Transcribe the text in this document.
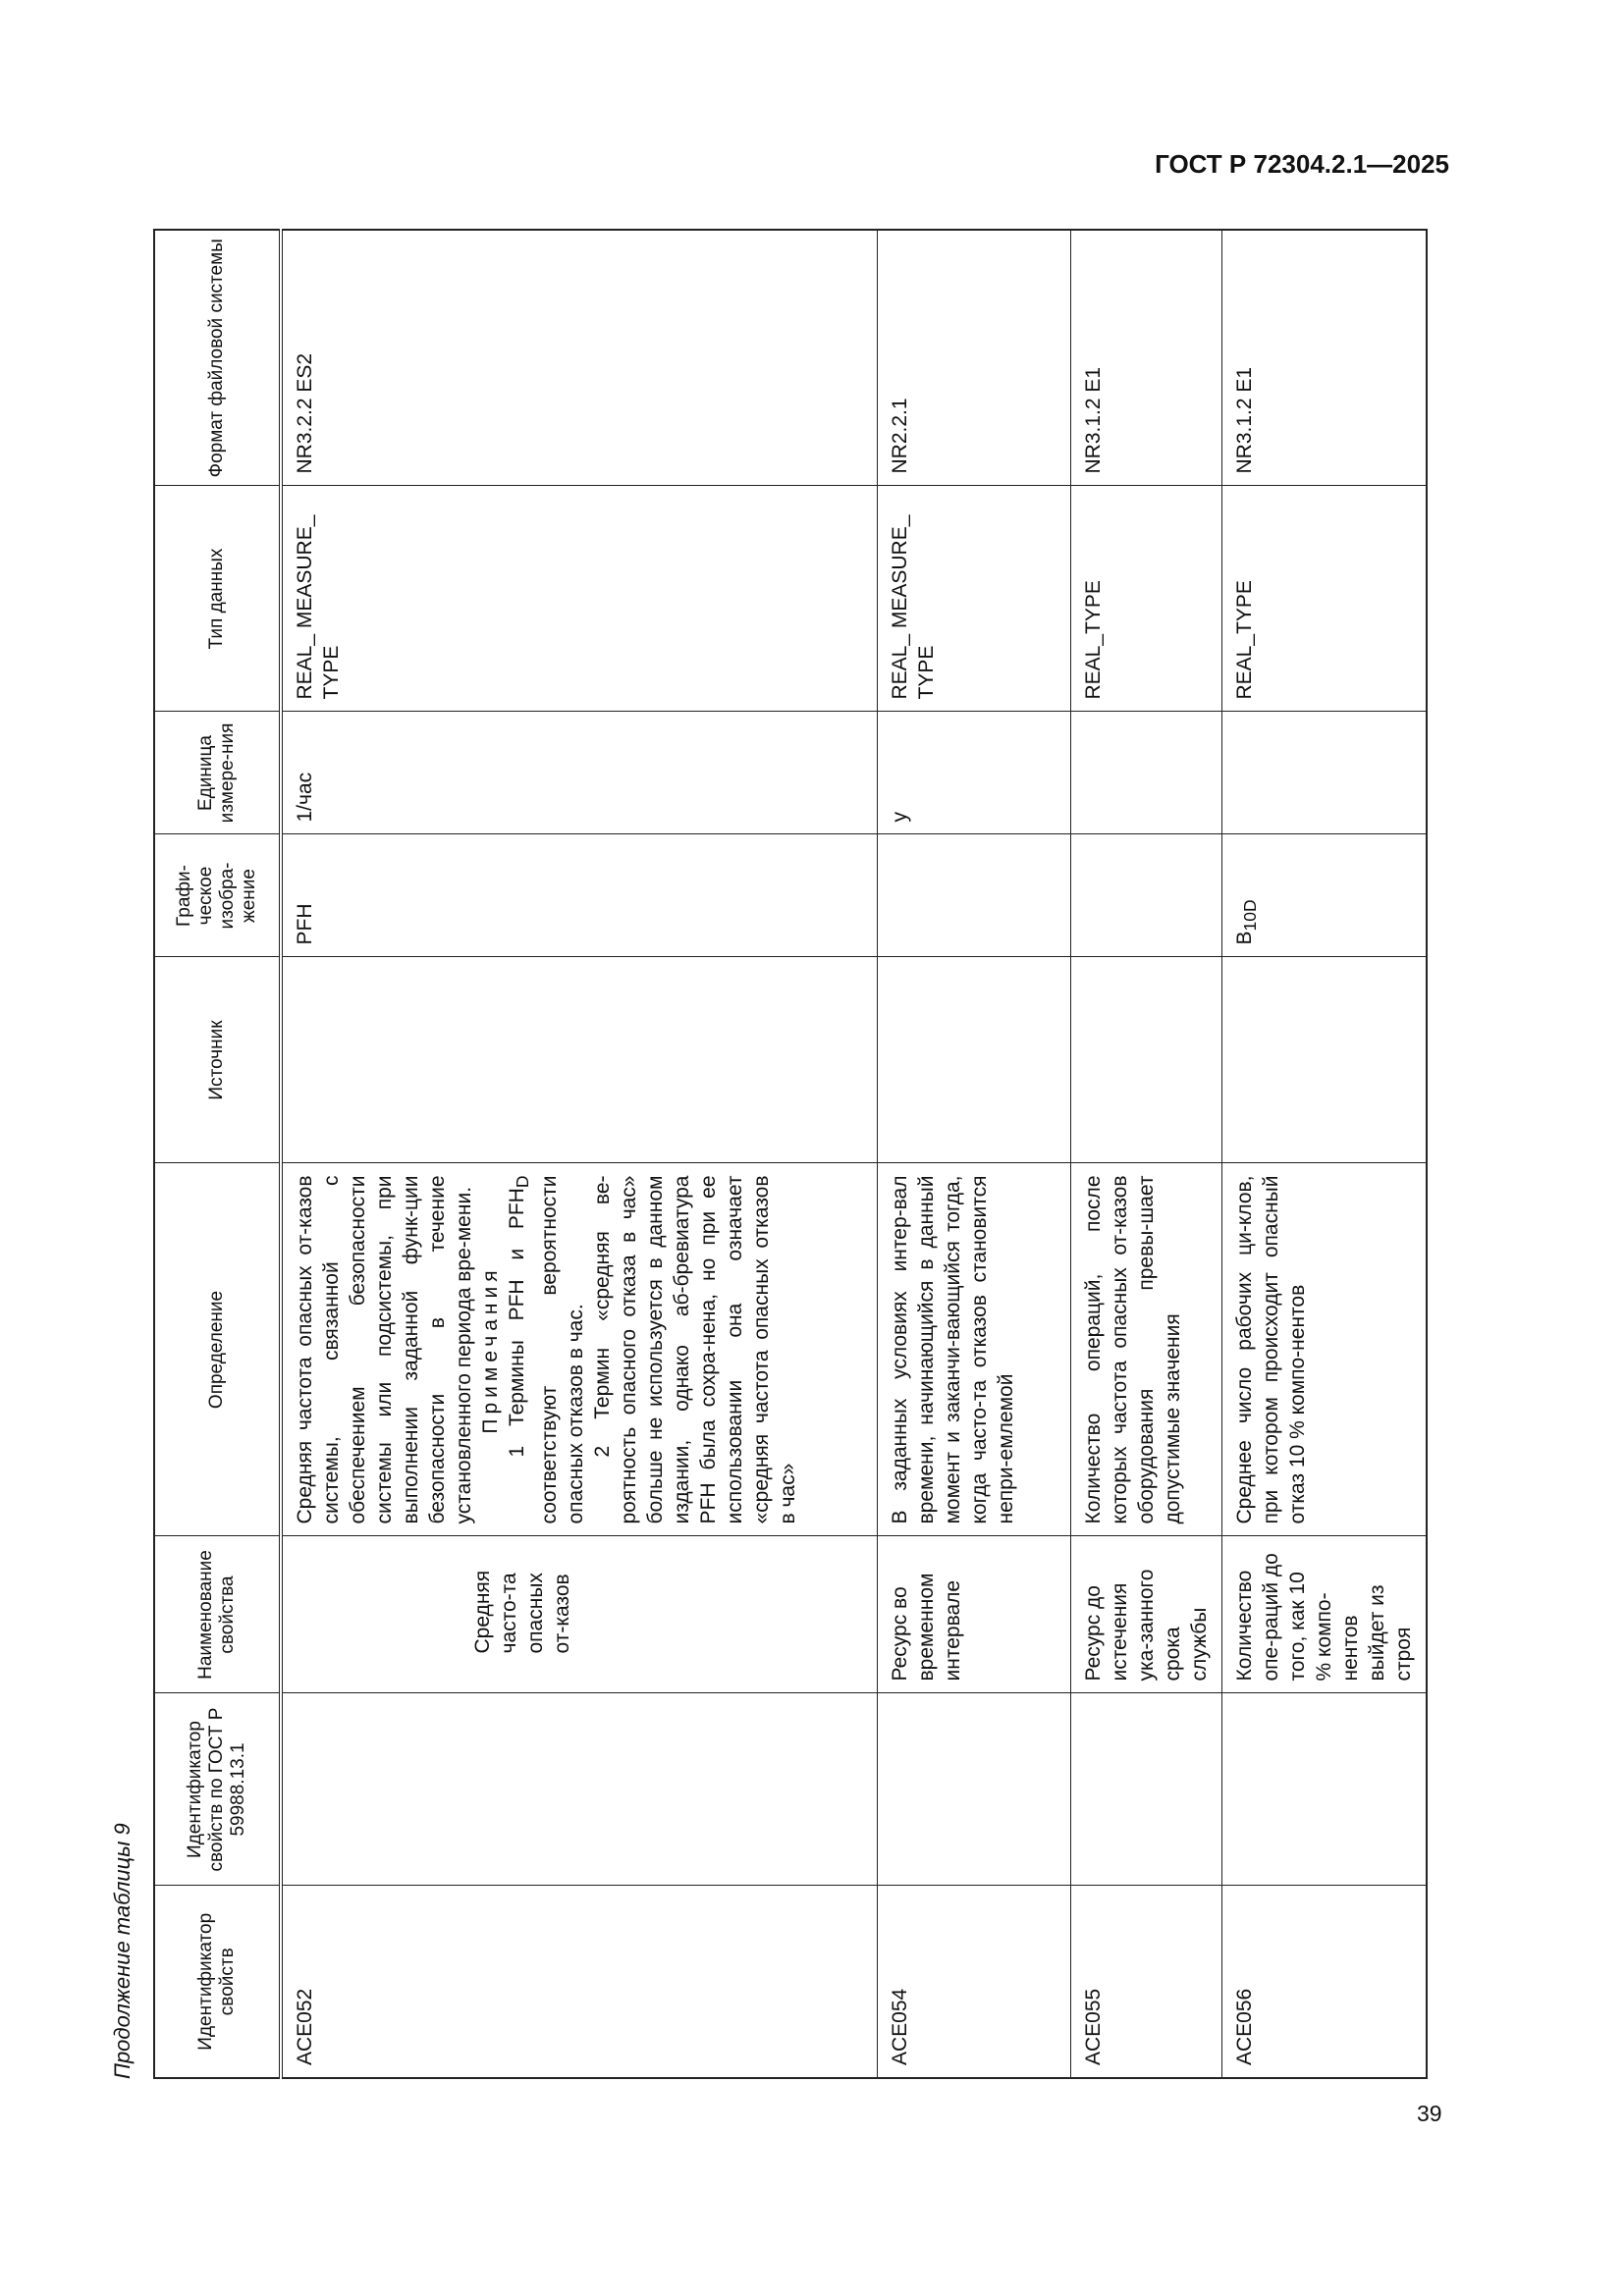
ГОСТ Р 72304.2.1—2025
Продолжение таблицы 9	Идентификатор свойств	Идентификатор свойств по ГОСТ Р 59988.13.1	Наименование свойства	Определение	Источник	Графи-ческое изобра-жение	Единица измере-ния	Тип данных	Формат файловой системы
ACE052		Средняя часто-та опасных от-казов	Средняя частота опасных от-казов системы, связанной с обеспечением безопасности системы или подсистемы, при выполнении заданной функ-ции безопасности в течение установленного периода вре-мени. Примечания 1 Термины PFH и $PFH_D$ соответствуют вероятности опасных отказов в час. 2 Термин «средняя ве-роятность опасного отказа в час» больше не используется в данном издании, однако аб-бревиатура PFH была сохра-нена, но при ее использовании она означает «средняя частота опасных отказов в час»		PFH	1/час	REAL_ MEASURE_ TYPE	NR3.2.2 ES2
ACE054		Ресурс во временном интервале	В заданных условиях интер-вал времени, начинающийся в данный момент и заканчи-вающийся тогда, когда часто-та отказов становится непри-емлемой			у	REAL_ MEASURE_ TYPE	NR2.2.1
ACE055		Ресурс до истечения ука-занного срока службы	Количество операций, после которых частота опасных от-казов оборудования превы-шает допустимые значения				REAL_TYPE	NR3.1.2 E1
ACE056		Количество опе-раций до того, как 10 % компо-нентов выйдет из строя	Среднее число рабочих ци-клов, при котором происходит опасный отказ 10 % компо-нентов		$B_{10D}$		REAL_TYPE	NR3.1.2 E1
39
